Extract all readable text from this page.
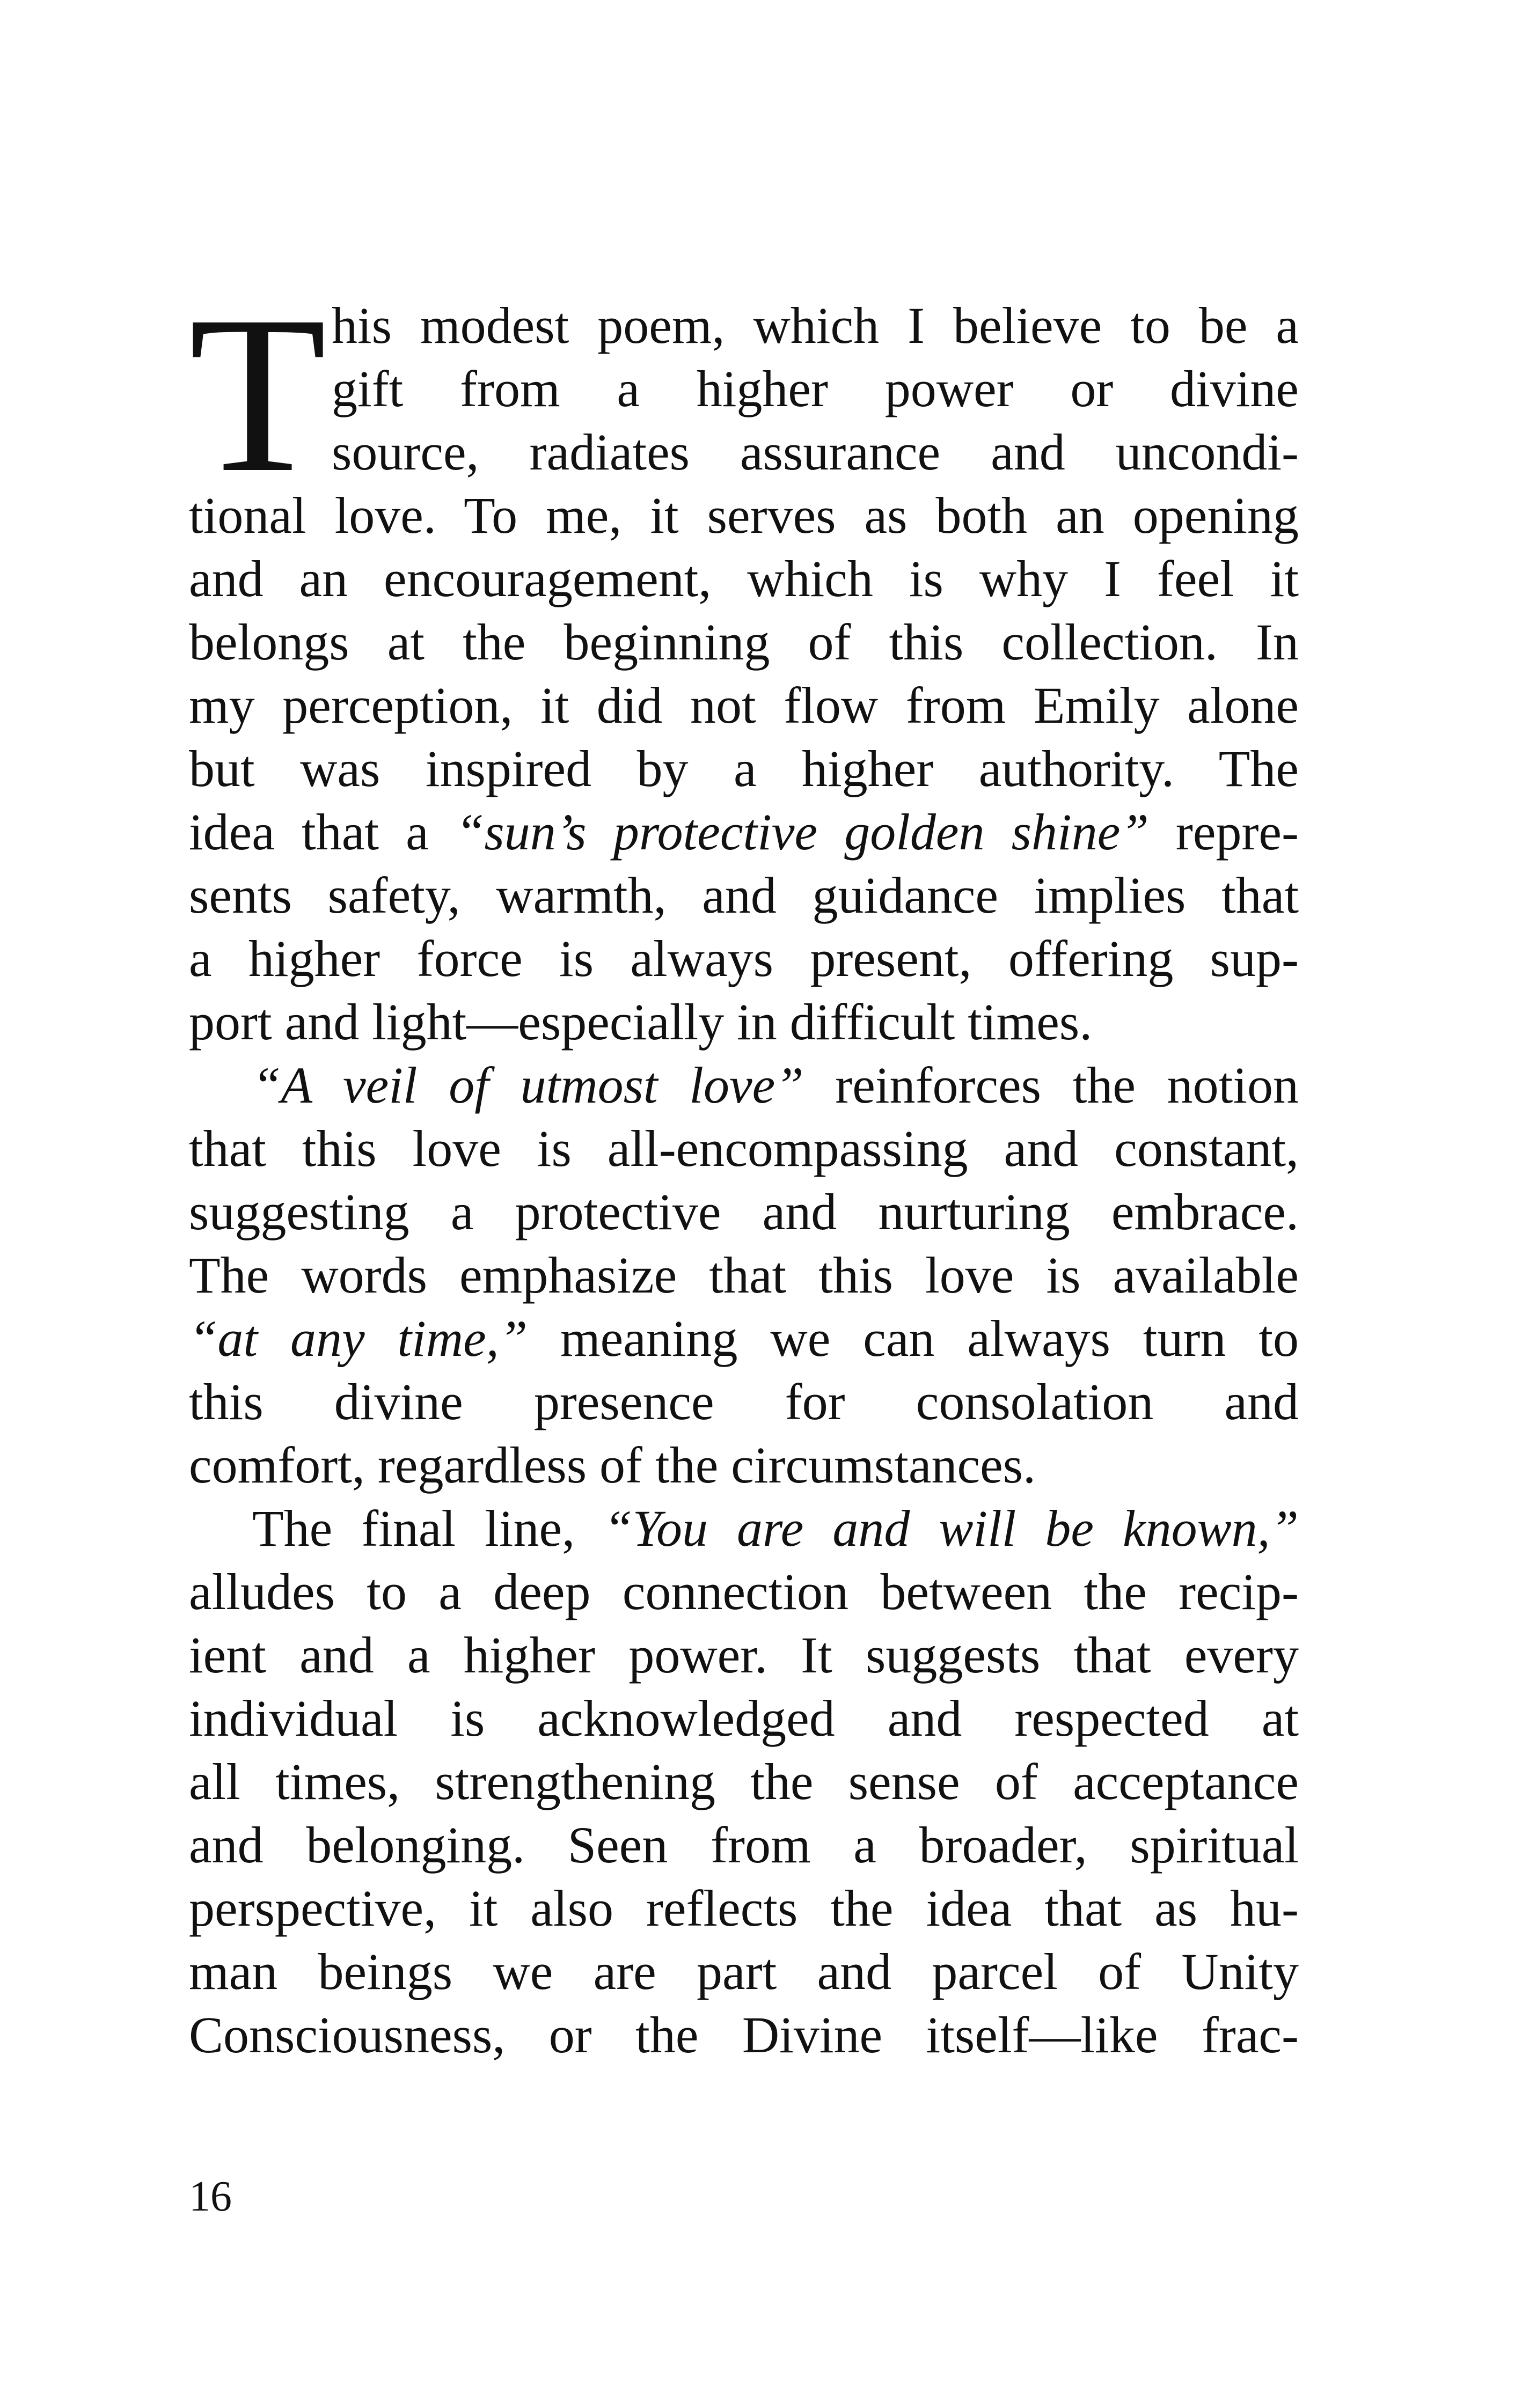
T his modest poem, which I believe to be a
gift from a higher power or divine
source, radiates assurance and uncondi-
tional love. To me, it serves as both an opening
and an encouragement, which is why I feel it
belongs at the beginning of this collection. In
my perception, it did not flow from Emily alone
but was inspired by a higher authority. The
idea that a “sun’s protective golden shine” repre-
sents safety, warmth, and guidance implies that
a higher force is always present, offering sup-
port and light—especially in difficult times.
“A veil of utmost love” reinforces the notion
that this love is all-encompassing and constant,
suggesting a protective and nurturing embrace.
The words emphasize that this love is available
“at any time,” meaning we can always turn to
this divine presence for consolation and
comfort, regardless of the circumstances.
The final line, “You are and will be known,”
alludes to a deep connection between the recip-
ient and a higher power. It suggests that every
individual is acknowledged and respected at
all times, strengthening the sense of acceptance
and belonging. Seen from a broader, spiritual
perspective, it also reflects the idea that as hu-
man beings we are part and parcel of Unity
Consciousness, or the Divine itself—like frac-
16
